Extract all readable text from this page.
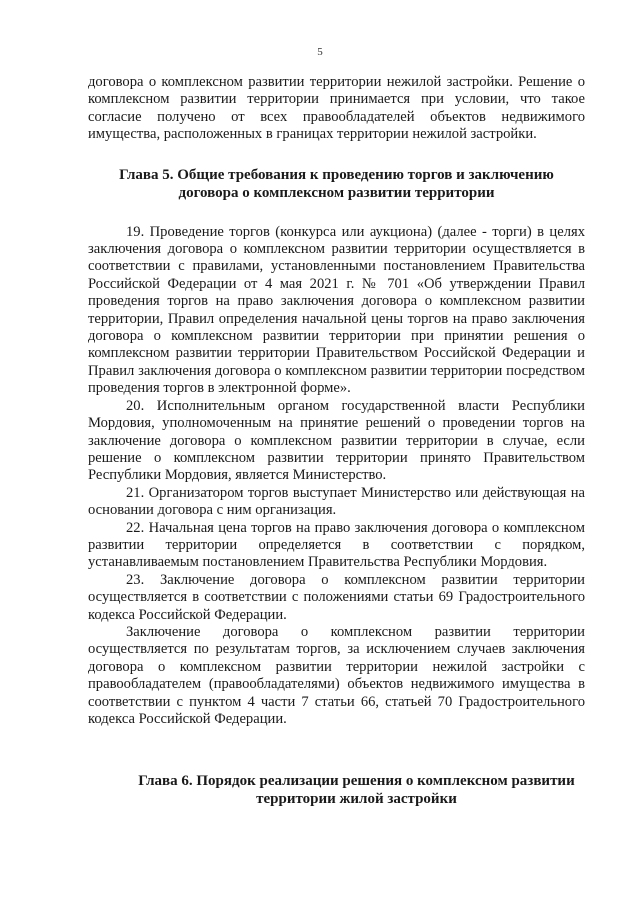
5

договора о комплексном развитии территории нежилой застройки. Решение о комплексном развитии территории принимается при условии, что такое согласие получено от всех правообладателей объектов недвижимого имущества, расположенных в границах территории нежилой застройки.

Глава 5. Общие требования к проведению торгов и заключению договора о комплексном развитии территории

19. Проведение торгов (конкурса или аукциона) (далее - торги) в целях заключения договора о комплексном развитии территории осуществляется в соответствии с правилами, установленными постановлением Правительства Российской Федерации от 4 мая 2021 г. № 701 «Об утверждении Правил проведения торгов на право заключения договора о комплексном развитии территории, Правил определения начальной цены торгов на право заключения договора о комплексном развитии территории при принятии решения о комплексном развитии территории Правительством Российской Федерации и Правил заключения договора о комплексном развитии территории посредством проведения торгов в электронной форме».

20. Исполнительным органом государственной власти Республики Мордовия, уполномоченным на принятие решений о проведении торгов на заключение договора о комплексном развитии территории в случае, если решение о комплексном развитии территории принято Правительством Республики Мордовия, является Министерство.

21. Организатором торгов выступает Министерство или действующая на основании договора с ним организация.

22. Начальная цена торгов на право заключения договора о комплексном развитии территории определяется в соответствии с порядком, устанавливаемым постановлением Правительства Республики Мордовия.

23. Заключение договора о комплексном развитии территории осуществляется в соответствии с положениями статьи 69 Градостроительного кодекса Российской Федерации.

Заключение договора о комплексном развитии территории осуществляется по результатам торгов, за исключением случаев заключения договора о комплексном развитии территории нежилой застройки с правообладателем (правообладателями) объектов недвижимого имущества в соответствии с пунктом 4 части 7 статьи 66, статьей 70 Градостроительного кодекса Российской Федерации.

Глава 6. Порядок реализации решения о комплексном развитии территории жилой застройки
